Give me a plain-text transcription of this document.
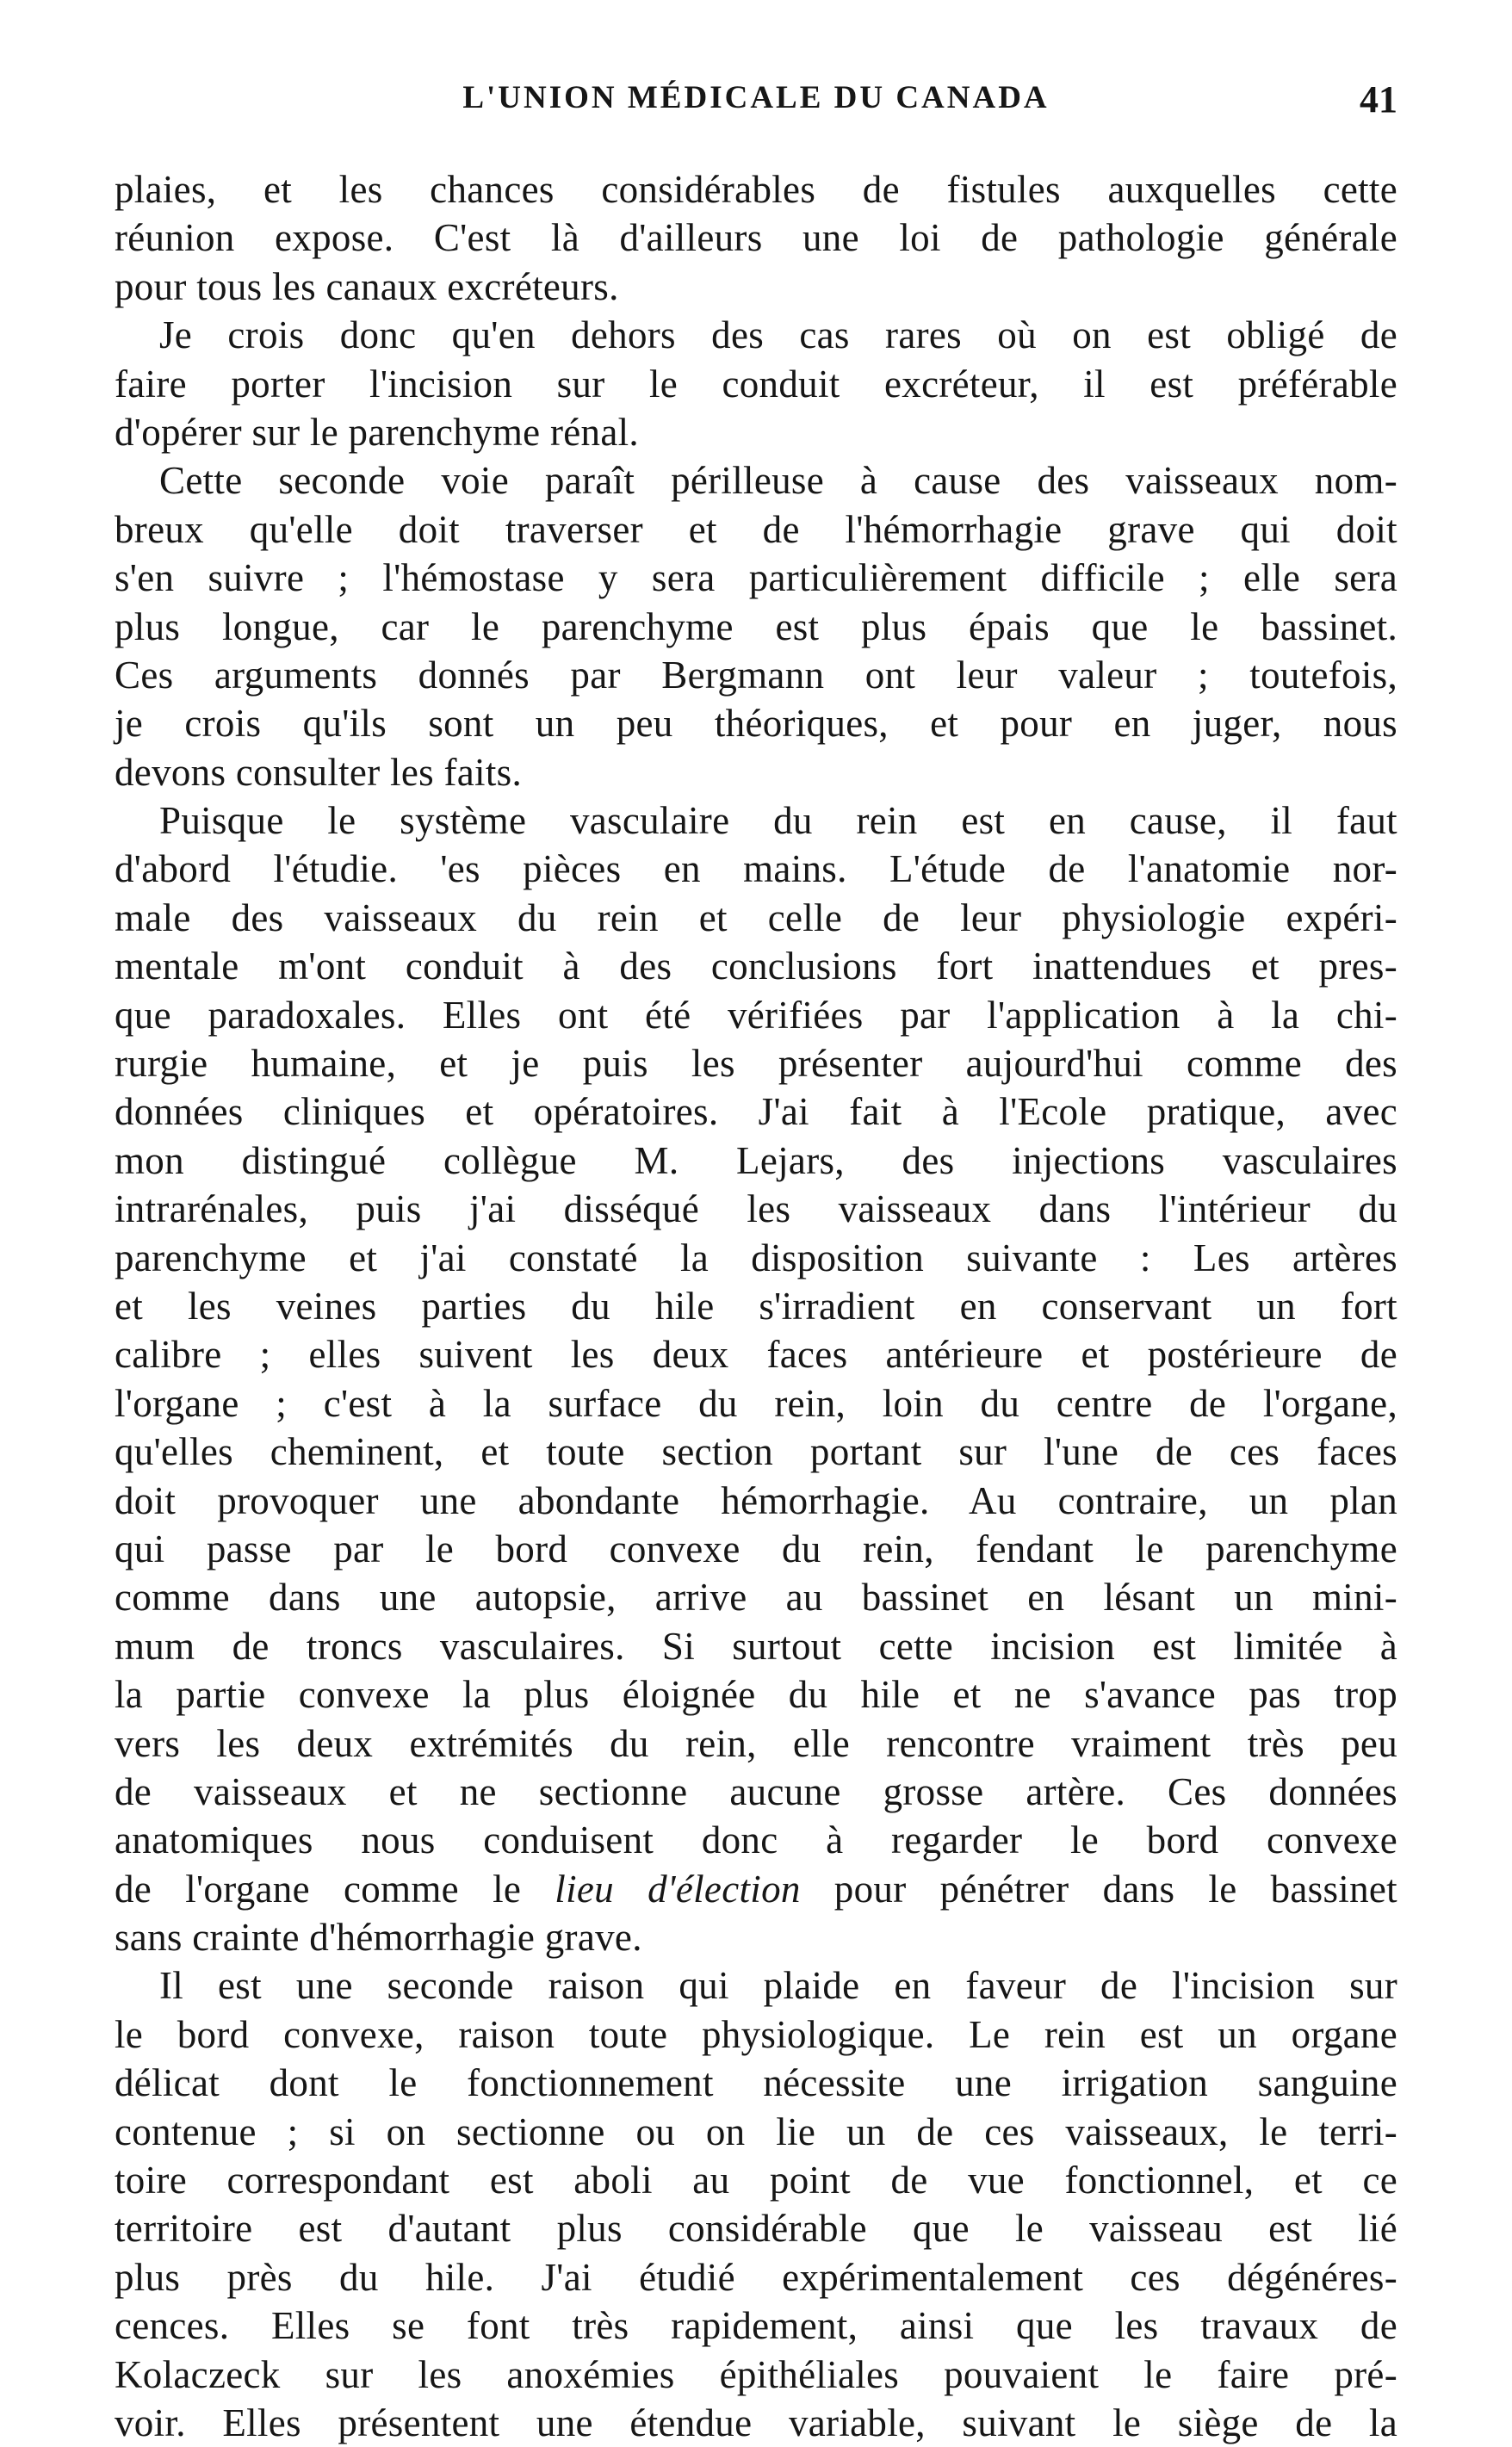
L'UNION MÉDICALE DU CANADA	41
plaies, et les chances considérables de fistules auxquelles cette
réunion expose. C'est là d'ailleurs une loi de pathologie générale
pour tous les canaux excréteurs.
Je crois donc qu'en dehors des cas rares où on est obligé de
faire porter l'incision sur le conduit excréteur, il est préférable
d'opérer sur le parenchyme rénal.
Cette seconde voie paraît périlleuse à cause des vaisseaux nom-
breux qu'elle doit traverser et de l'hémorrhagie grave qui doit
s'en suivre ; l'hémostase y sera particulièrement difficile ; elle sera
plus longue, car le parenchyme est plus épais que le bassinet.
Ces arguments donnés par Bergmann ont leur valeur ; toutefois,
je crois qu'ils sont un peu théoriques, et pour en juger, nous
devons consulter les faits.
Puisque le système vasculaire du rein est en cause, il faut
d'abord l'étudie. 'es pièces en mains. L'étude de l'anatomie nor-
male des vaisseaux du rein et celle de leur physiologie expéri-
mentale m'ont conduit à des conclusions fort inattendues et pres-
que paradoxales. Elles ont été vérifiées par l'application à la chi-
rurgie humaine, et je puis les présenter aujourd'hui comme des
données cliniques et opératoires. J'ai fait à l'Ecole pratique, avec
mon distingué collègue M. Lejars, des injections vasculaires
intrarénales, puis j'ai disséqué les vaisseaux dans l'intérieur du
parenchyme et j'ai constaté la disposition suivante : Les artères
et les veines parties du hile s'irradient en conservant un fort
calibre ; elles suivent les deux faces antérieure et postérieure de
l'organe ; c'est à la surface du rein, loin du centre de l'organe,
qu'elles cheminent, et toute section portant sur l'une de ces faces
doit provoquer une abondante hémorrhagie. Au contraire, un plan
qui passe par le bord convexe du rein, fendant le parenchyme
comme dans une autopsie, arrive au bassinet en lésant un mini-
mum de troncs vasculaires. Si surtout cette incision est limitée à
la partie convexe la plus éloignée du hile et ne s'avance pas trop
vers les deux extrémités du rein, elle rencontre vraiment très peu
de vaisseaux et ne sectionne aucune grosse artère. Ces données
anatomiques nous conduisent donc à regarder le bord convexe
de l'organe comme le lieu d'élection pour pénétrer dans le bassinet
sans crainte d'hémorrhagie grave.
Il est une seconde raison qui plaide en faveur de l'incision sur
le bord convexe, raison toute physiologique. Le rein est un organe
délicat dont le fonctionnement nécessite une irrigation sanguine
contenue ; si on sectionne ou on lie un de ces vaisseaux, le terri-
toire correspondant est aboli au point de vue fonctionnel, et ce
territoire est d'autant plus considérable que le vaisseau est lié
plus près du hile. J'ai étudié expérimentalement ces dégénéres-
cences. Elles se font très rapidement, ainsi que les travaux de
Kolaczeck sur les anoxémies épithéliales pouvaient le faire pré-
voir. Elles présentent une étendue variable, suivant le siège de la
